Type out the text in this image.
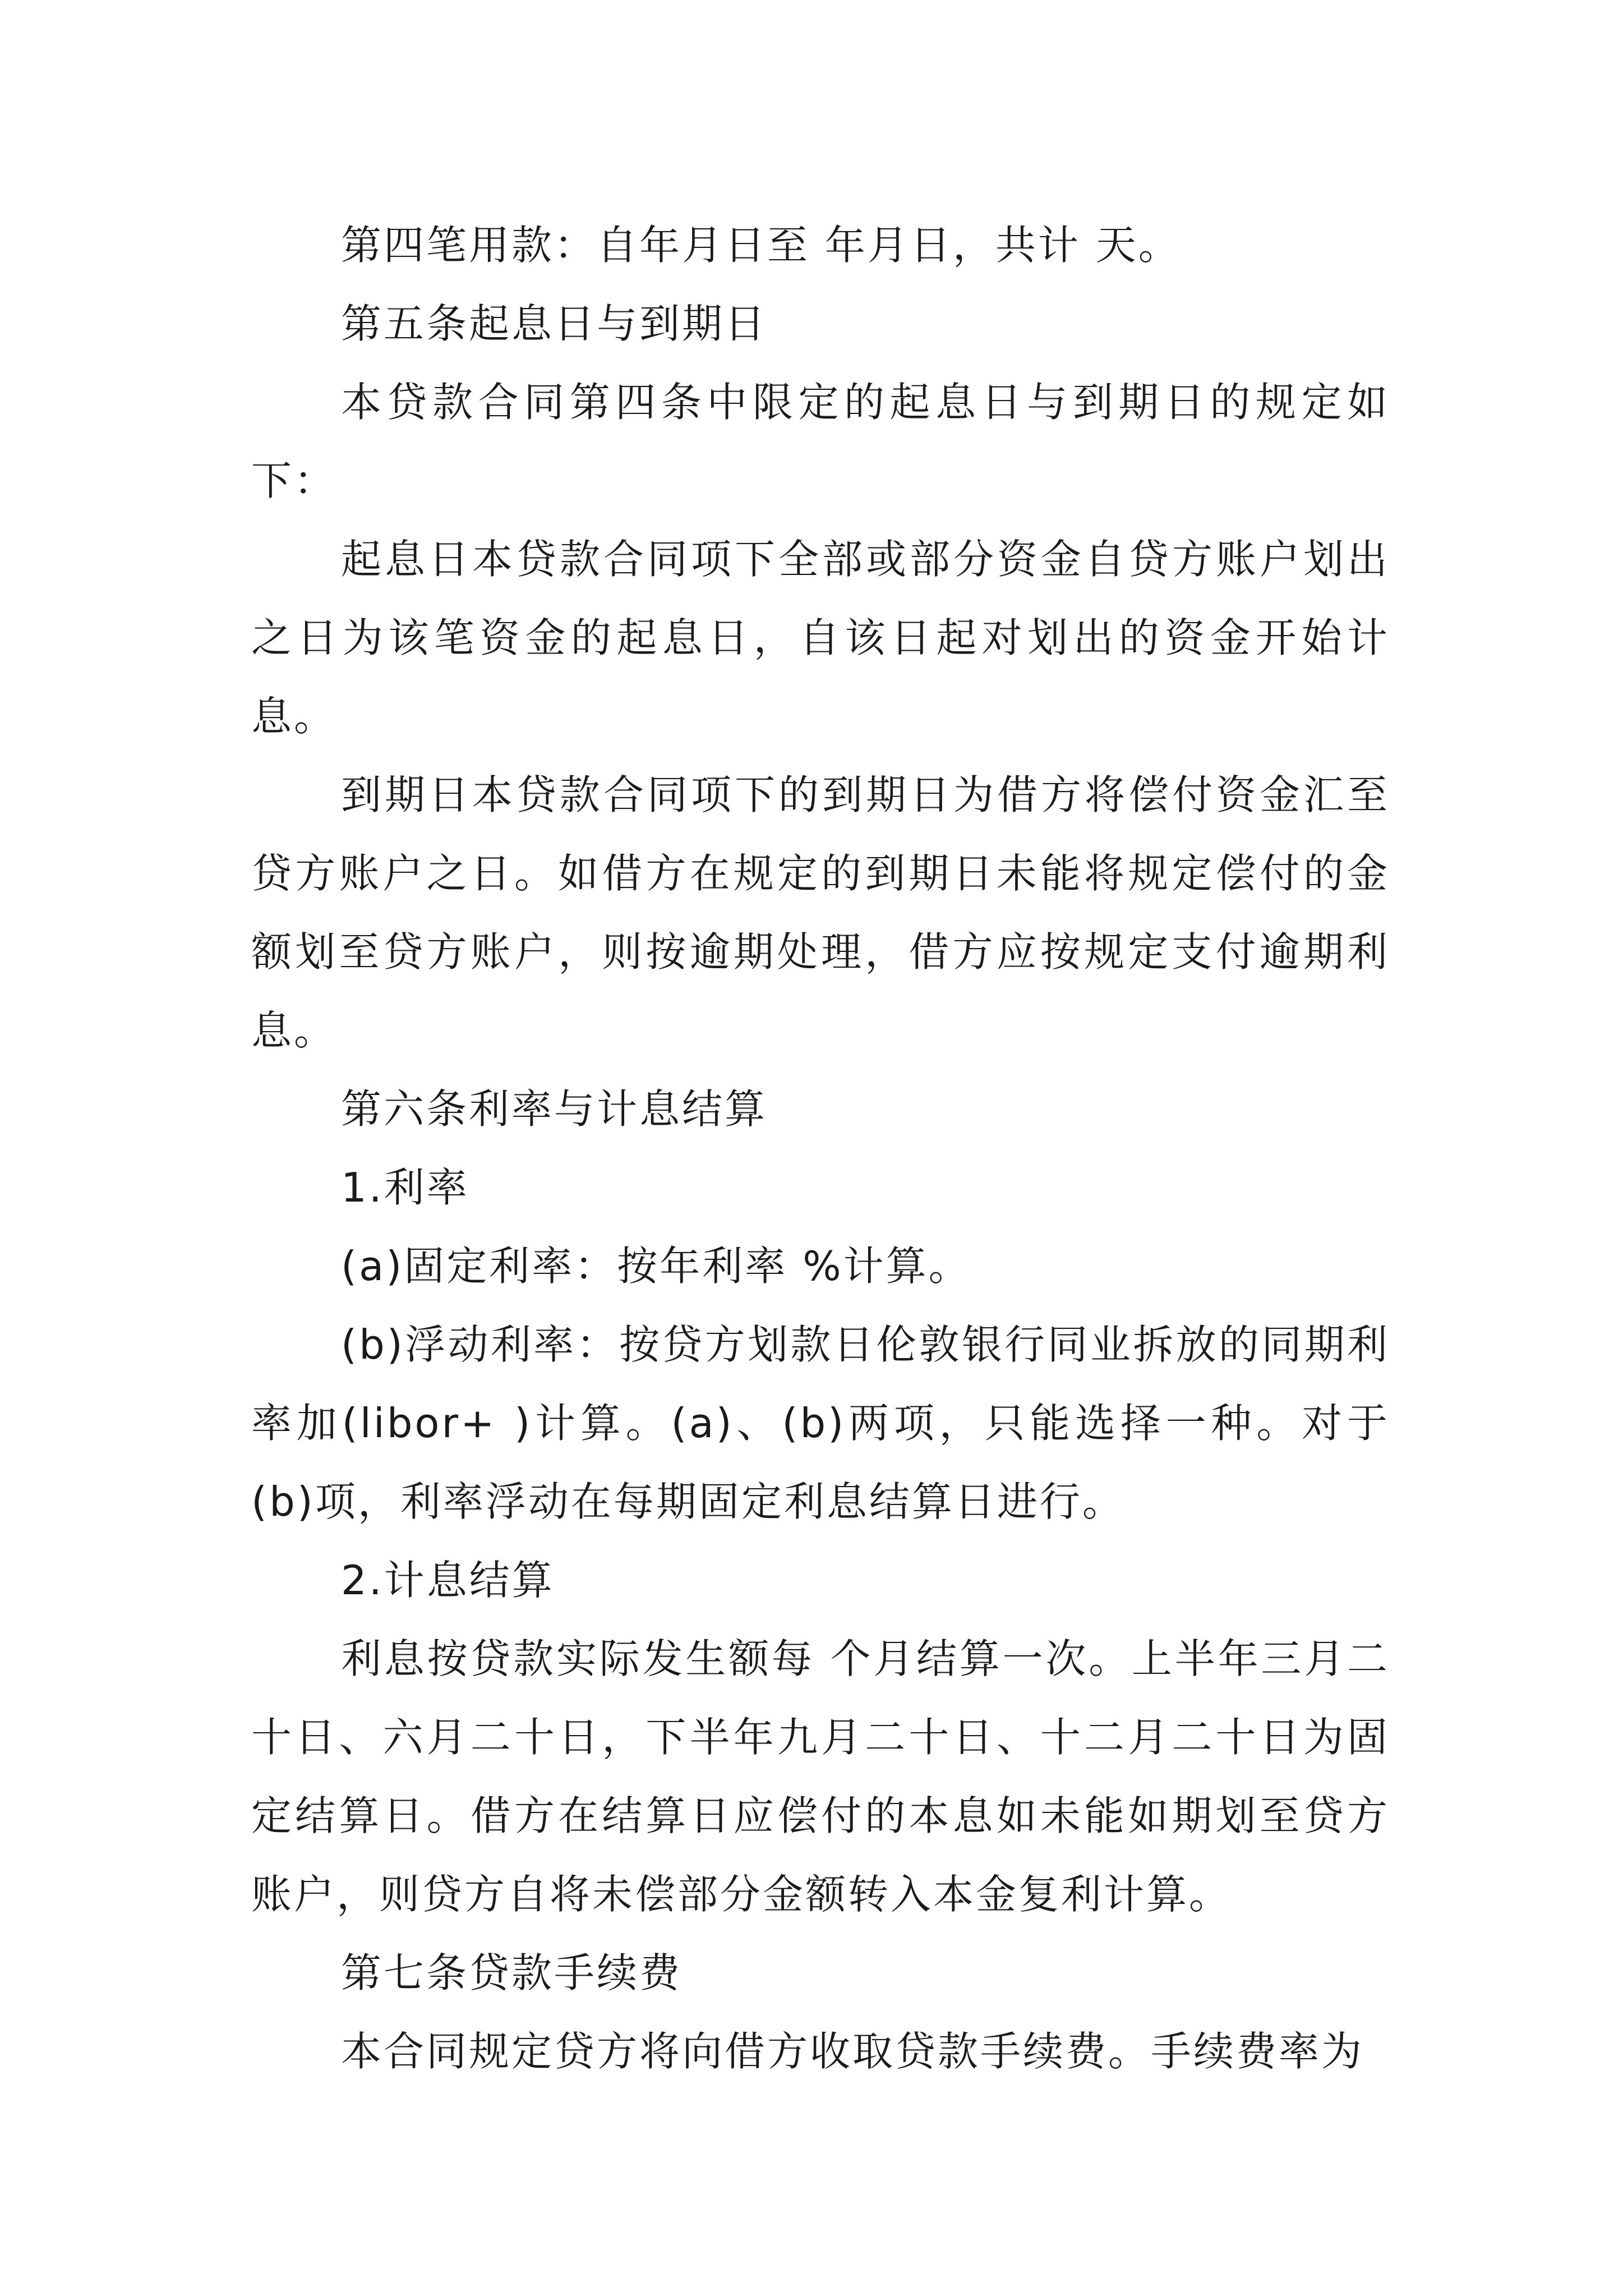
第四笔用款：自年月日至 年月日，共计 天。

第五条起息日与到期日

本贷款合同第四条中限定的起息日与到期日的规定如下：

起息日本贷款合同项下全部或部分资金自贷方账户划出之日为该笔资金的起息日，自该日起对划出的资金开始计息。

到期日本贷款合同项下的到期日为借方将偿付资金汇至贷方账户之日。如借方在规定的到期日未能将规定偿付的金额划至贷方账户，则按逾期处理，借方应按规定支付逾期利息。

第六条利率与计息结算

1.利率

(a)固定利率：按年利率 %计算。

(b)浮动利率：按贷方划款日伦敦银行同业拆放的同期利率加(libor+ )计算。(a)、(b)两项，只能选择一种。对于(b)项，利率浮动在每期固定利息结算日进行。

2.计息结算

利息按贷款实际发生额每 个月结算一次。上半年三月二十日、六月二十日，下半年九月二十日、十二月二十日为固定结算日。借方在结算日应偿付的本息如未能如期划至贷方账户，则贷方自将未偿部分金额转入本金复利计算。

第七条贷款手续费

本合同规定贷方将向借方收取贷款手续费。手续费率为
